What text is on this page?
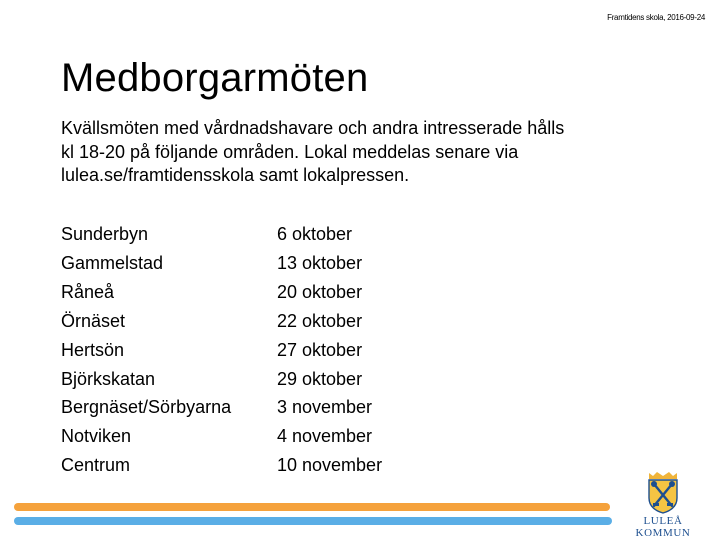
Framtidens skola, 2016-09-24
Medborgarmöten

Kvällsmöten med vårdnadshavare och andra intresserade hålls
kl 18-20 på följande områden. Lokal meddelas senare via
lulea.se/framtidensskola samt lokalpressen.

Sunderbyn	6 oktober
Gammelstad	13 oktober
Råneå	20 oktober
Örnäset	22 oktober
Hertsön	27 oktober
Björkskatan	29 oktober
Bergnäset/Sörbyarna	3 november
Notviken	4 november
Centrum	10 november
LULEÅ KOMMUN
